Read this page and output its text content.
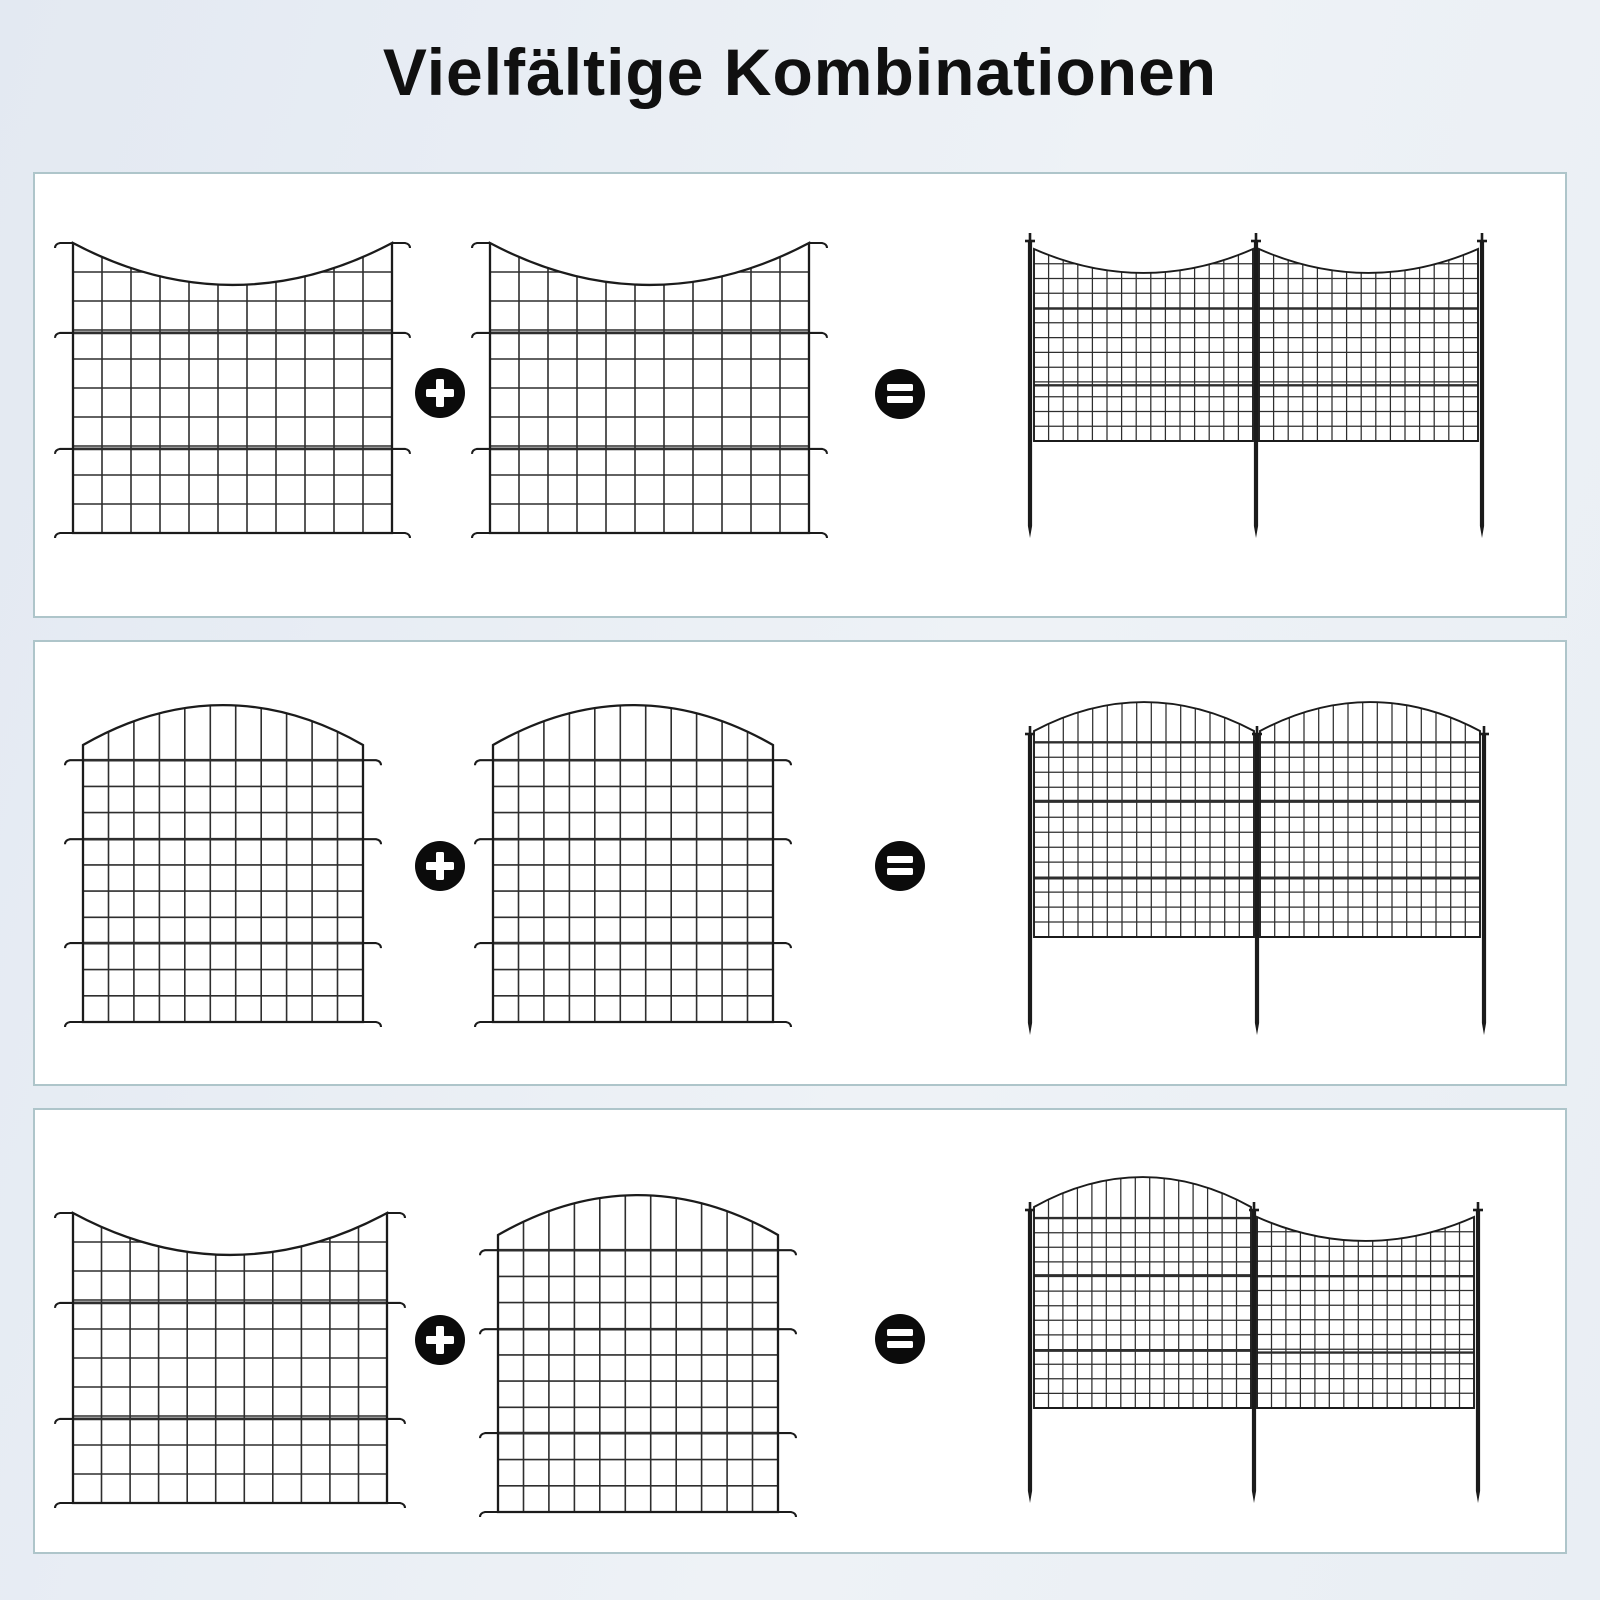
Vielfältige Kombinationen
